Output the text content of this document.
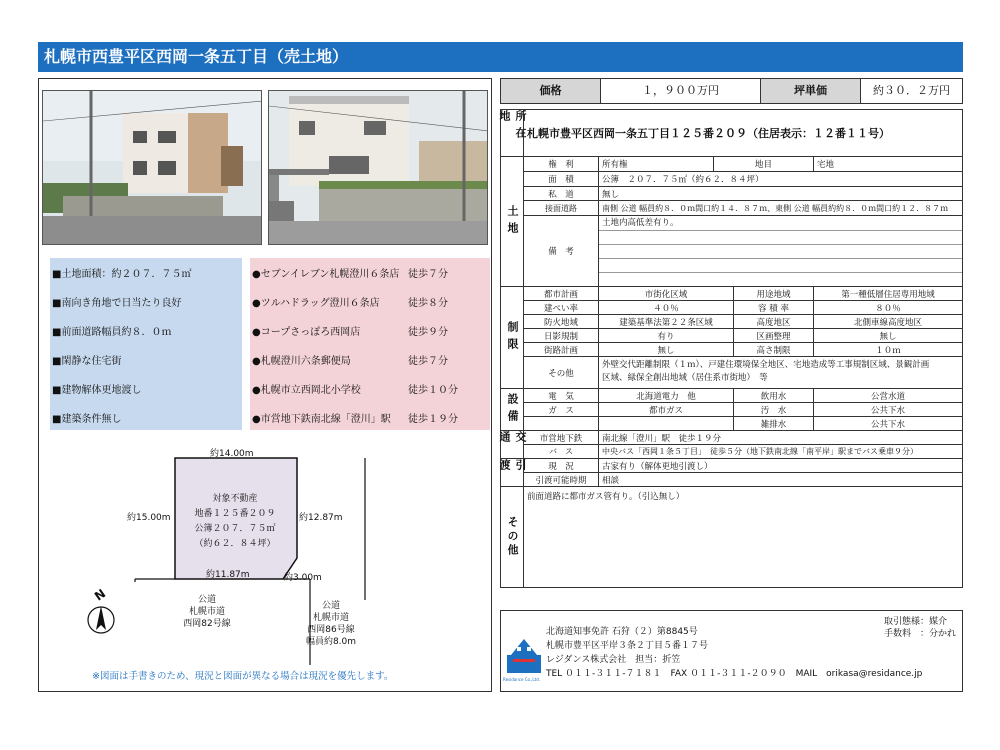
札幌市西豊平区西岡一条五丁目（売土地）
■土地面積：約２０７．７５㎡
■南向き角地で日当たり良好
■前面道路幅員約８．０ｍ
■閑静な住宅街
■建物解体更地渡し
■建築条件無し
●セブンイレブン札幌澄川６条店 徒歩７分
●ツルハドラッグ澄川６条店	徒歩８分
●コープさっぽろ西岡店	徒歩９分
●札幌澄川六条郵便局	徒歩７分
●札幌市立西岡北小学校	徒歩１０分
●市営地下鉄南北線「澄川」駅 徒歩１９分
N
約14.00m
約15.00m	約12.87m
約11.87m	約3.00m
対象不動産
地番１２５番２０９
公簿２０７．７５㎡
（約６２．８４坪）
公道
札幌市道
西岡82号線
公道
札幌市道
西岡86号線
幅員約8.0m
※図面は手書きのため、現況と図面が異なる場合は現況を優先します。
価格	１，９００万円	坪単価	約３０．２万円
所在地
札幌市豊平区西岡一条五丁目１２５番２０９（住居表示：１２番１１号）
土地
権　利	所有権	地目	宅地
面　積	公簿　２０７．７５㎡（約６２．８４坪）
私　道	無し
接面道路	南側 公道 幅員約８．０ｍ間口約１４．８７ｍ、東側 公道 幅員約約８．０ｍ間口約１２．８７ｍ
備　考
土地内高低差有り。
制限
都市計画	市街化区域	用途地域	第一種低層住居専用地域
建ぺい率	４０％	容 積 率	８０％
防火地域	建築基準法第２２条区域	高度地区	北側車線高度地区
日影規制	有り	区画整理	無し
街路計画	無し	高さ制限	１０ｍ
その他
外壁交代距離制限（１ｍ）、戸建住環境保全地区、宅地造成等工事規制区域、景観計画
区域、緑保全創出地域（居住系市街地）　等
設備	電　気	北海道電力　他	飲用水	公営水道
ガ　ス	都市ガス	汚　水	公共下水
雑排水	公共下水
交通	市営地下鉄	南北線「澄川」駅　徒歩１９分
バ　ス	中央バス「西岡１条５丁目」　徒歩５分（地下鉄南北線「南平岸」駅までバス乗車９分）
引渡	現　況	古家有り（解体更地引渡し）
引渡可能時期	相談
その他
前面道路に都市ガス管有り。（引込無し）
Residance Co.,Ltd.
北海道知事免許 石狩（２）第8845号
札幌市豊平区平岸３条２丁目５番１７号
レジダンス株式会社　担当：折笠
TEL ０１１-３１１-７１８１　FAX ０１１-３１１-２０９０　MAIL　orikasa@residance.jp
取引態様：媒介
手数料　：分かれ
